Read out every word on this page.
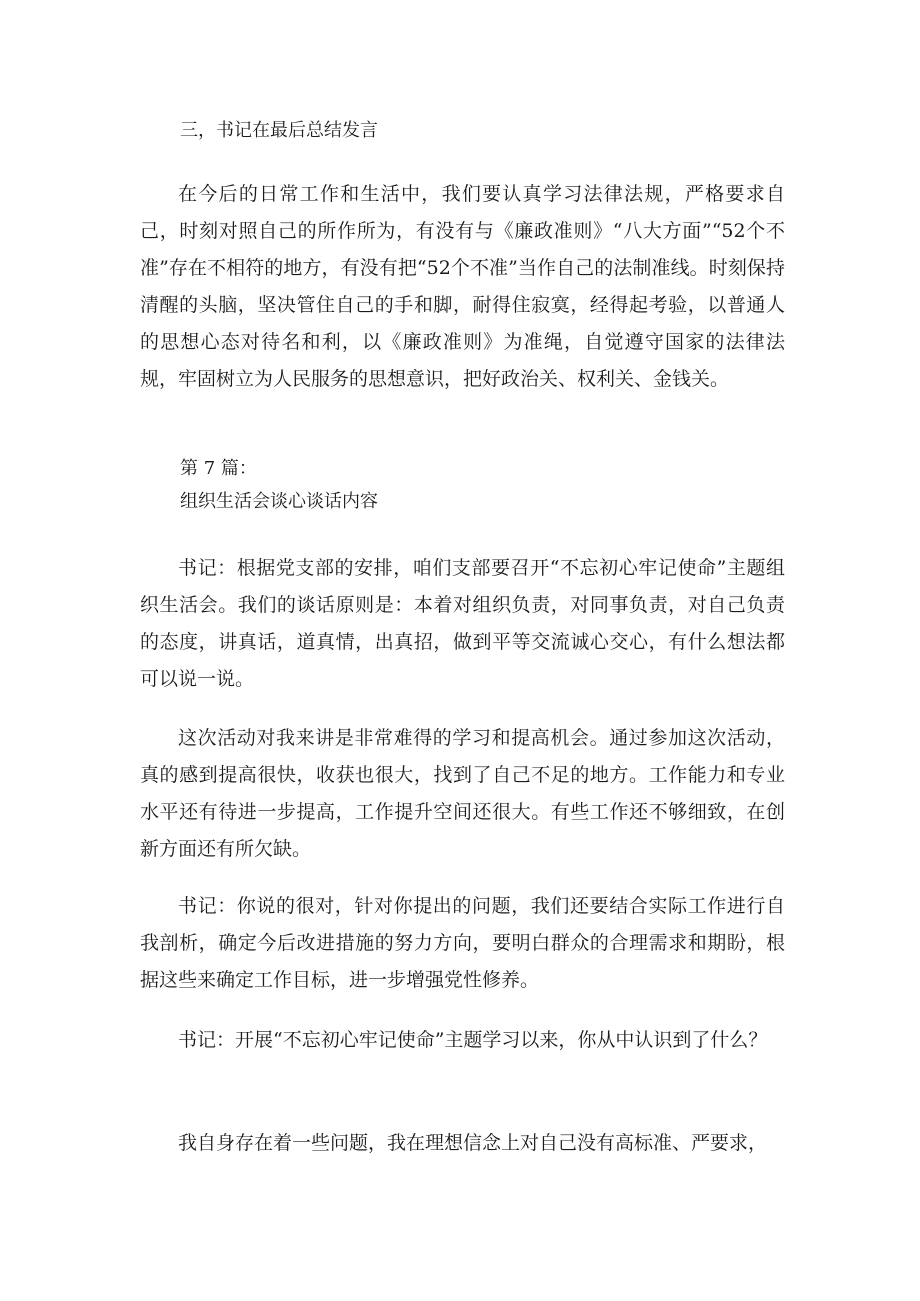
三，书记在最后总结发言

在今后的日常工作和生活中，我们要认真学习法律法规，严格要求自己，时刻对照自己的所作所为，有没有与《廉政准则》“八大方面”“52个不准”存在不相符的地方，有没有把“52个不准”当作自己的法制准线。时刻保持清醒的头脑，坚决管住自己的手和脚，耐得住寂寞，经得起考验，以普通人的思想心态对待名和利，以《廉政准则》为准绳，自觉遵守国家的法律法规，牢固树立为人民服务的思想意识，把好政治关、权利关、金钱关。

第 7 篇：

组织生活会谈心谈话内容

书记：根据党支部的安排，咱们支部要召开“不忘初心牢记使命”主题组织生活会。我们的谈话原则是：本着对组织负责，对同事负责，对自己负责的态度，讲真话，道真情，出真招，做到平等交流诚心交心，有什么想法都可以说一说。

这次活动对我来讲是非常难得的学习和提高机会。通过参加这次活动，真的感到提高很快，收获也很大，找到了自己不足的地方。工作能力和专业水平还有待进一步提高，工作提升空间还很大。有些工作还不够细致，在创新方面还有所欠缺。

书记：你说的很对，针对你提出的问题，我们还要结合实际工作进行自我剖析，确定今后改进措施的努力方向，要明白群众的合理需求和期盼，根据这些来确定工作目标，进一步增强党性修养。

书记：开展“不忘初心牢记使命”主题学习以来，你从中认识到了什么？

我自身存在着一些问题，我在理想信念上对自己没有高标准、严要求，
